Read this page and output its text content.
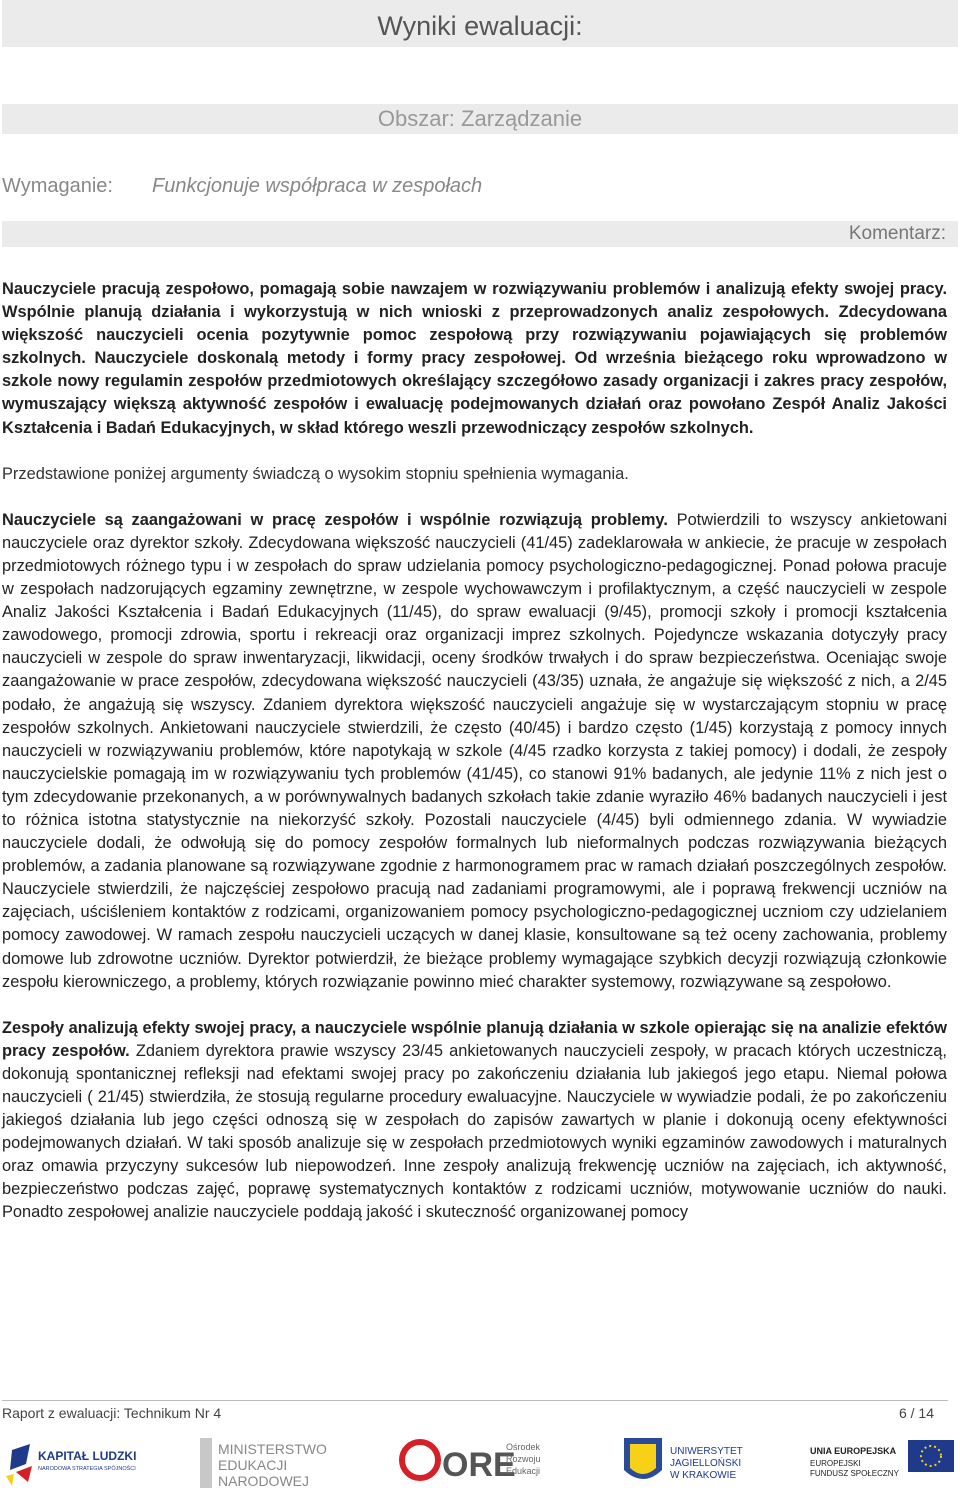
Wyniki ewaluacji:
Obszar: Zarządzanie
Wymaganie: Funkcjonuje współpraca w zespołach
Komentarz:

Nauczyciele pracują zespołowo, pomagają sobie nawzajem w rozwiązywaniu problemów i analizują efekty swojej pracy. Wspólnie planują działania i wykorzystują w nich wnioski z przeprowadzonych analiz zespołowych. Zdecydowana większość nauczycieli ocenia pozytywnie pomoc zespołową przy rozwiązywaniu pojawiających się problemów szkolnych. Nauczyciele doskonalą metody i formy pracy zespołowej. Od września bieżącego roku wprowadzono w szkole nowy regulamin zespołów przedmiotowych określający szczegółowo zasady organizacji i zakres pracy zespołów, wymuszający większą aktywność zespołów i ewaluację podejmowanych działań oraz powołano Zespół Analiz Jakości Kształcenia i Badań Edukacyjnych, w skład którego weszli przewodniczący zespołów szkolnych.

Przedstawione poniżej argumenty świadczą o wysokim stopniu spełnienia wymagania.

Nauczyciele są zaangażowani w pracę zespołów i wspólnie rozwiązują problemy. Potwierdzili to wszyscy ankietowani nauczyciele oraz dyrektor szkoły. Zdecydowana większość nauczycieli (41/45) zadeklarowała w ankiecie, że pracuje w zespołach przedmiotowych różnego typu i w zespołach do spraw udzielania pomocy psychologiczno-pedagogicznej. Ponad połowa pracuje w zespołach nadzorujących egzaminy zewnętrzne, w zespole wychowawczym i profilaktycznym, a część nauczycieli w zespole Analiz Jakości Kształcenia i Badań Edukacyjnych (11/45), do spraw ewaluacji (9/45), promocji szkoły i promocji kształcenia zawodowego, promocji zdrowia, sportu i rekreacji oraz organizacji imprez szkolnych. Pojedyncze wskazania dotyczyły pracy nauczycieli w zespole do spraw inwentaryzacji, likwidacji, oceny środków trwałych i do spraw bezpieczeństwa. Oceniając swoje zaangażowanie w prace zespołów, zdecydowana większość nauczycieli (43/35) uznała, że angażuje się większość z nich, a 2/45 podało, że angażują się wszyscy. Zdaniem dyrektora większość nauczycieli angażuje się w wystarczającym stopniu w pracę zespołów szkolnych. Ankietowani nauczyciele stwierdzili, że często (40/45) i bardzo często (1/45) korzystają z pomocy innych nauczycieli w rozwiązywaniu problemów, które napotykają w szkole (4/45 rzadko korzysta z takiej pomocy) i dodali, że zespoły nauczycielskie pomagają im w rozwiązywaniu tych problemów (41/45), co stanowi 91% badanych, ale jedynie 11% z nich jest o tym zdecydowanie przekonanych, a w porównywalnych badanych szkołach takie zdanie wyraziło 46% badanych nauczycieli i jest to różnica istotna statystycznie na niekorzyść szkoły. Pozostali nauczyciele (4/45) byli odmiennego zdania. W wywiadzie nauczyciele dodali, że odwołują się do pomocy zespołów formalnych lub nieformalnych podczas rozwiązywania bieżących problemów, a zadania planowane są rozwiązywane zgodnie z harmonogramem prac w ramach działań poszczególnych zespołów. Nauczyciele stwierdzili, że najczęściej zespołowo pracują nad zadaniami programowymi, ale i poprawą frekwencji uczniów na zajęciach, uściśleniem kontaktów z rodzicami, organizowaniem pomocy psychologiczno-pedagogicznej uczniom czy udzielaniem pomocy zawodowej. W ramach zespołu nauczycieli uczących w danej klasie, konsultowane są też oceny zachowania, problemy domowe lub zdrowotne uczniów. Dyrektor potwierdził, że bieżące problemy wymagające szybkich decyzji rozwiązują członkowie zespołu kierowniczego, a problemy, których rozwiązanie powinno mieć charakter systemowy, rozwiązywane są zespołowo.

Zespoły analizują efekty swojej pracy, a nauczyciele wspólnie planują działania w szkole opierając się na analizie efektów pracy zespołów. Zdaniem dyrektora prawie wszyscy 23/45 ankietowanych nauczycieli zespoły, w pracach których uczestniczą, dokonują spontanicznej refleksji nad efektami swojej pracy po zakończeniu działania lub jakiegoś jego etapu. Niemal połowa nauczycieli ( 21/45) stwierdziła, że stosują regularne procedury ewaluacyjne. Nauczyciele w wywiadzie podali, że po zakończeniu jakiegoś działania lub jego części odnoszą się w zespołach do zapisów zawartych w planie i dokonują oceny efektywności podejmowanych działań. W taki sposób analizuje się w zespołach przedmiotowych wyniki egzaminów zawodowych i maturalnych oraz omawia przyczyny sukcesów lub niepowodzeń. Inne zespoły analizują frekwencję uczniów na zajęciach, ich aktywność, bezpieczeństwo podczas zajęć, poprawę systematycznych kontaktów z rodzicami uczniów, motywowanie uczniów do nauki. Ponadto zespołowej analizie nauczyciele poddają jakość i skuteczność organizowanej pomocy

Raport z ewaluacji: Technikum Nr 4	6 / 14
KAPITAŁ LUDZKI
NARODOWA STRATEGIA SPÓJNOŚCI
MINISTERSTWO
EDUKACJI
NARODOWEJ	ORE
Ośrodek
Rozwoju
Edukacji
UNIWERSYTET
JAGIELLOŃSKI
W KRAKOWIE
UNIA EUROPEJSKA
EUROPEJSKI
FUNDUSZ SPOŁECZNY
